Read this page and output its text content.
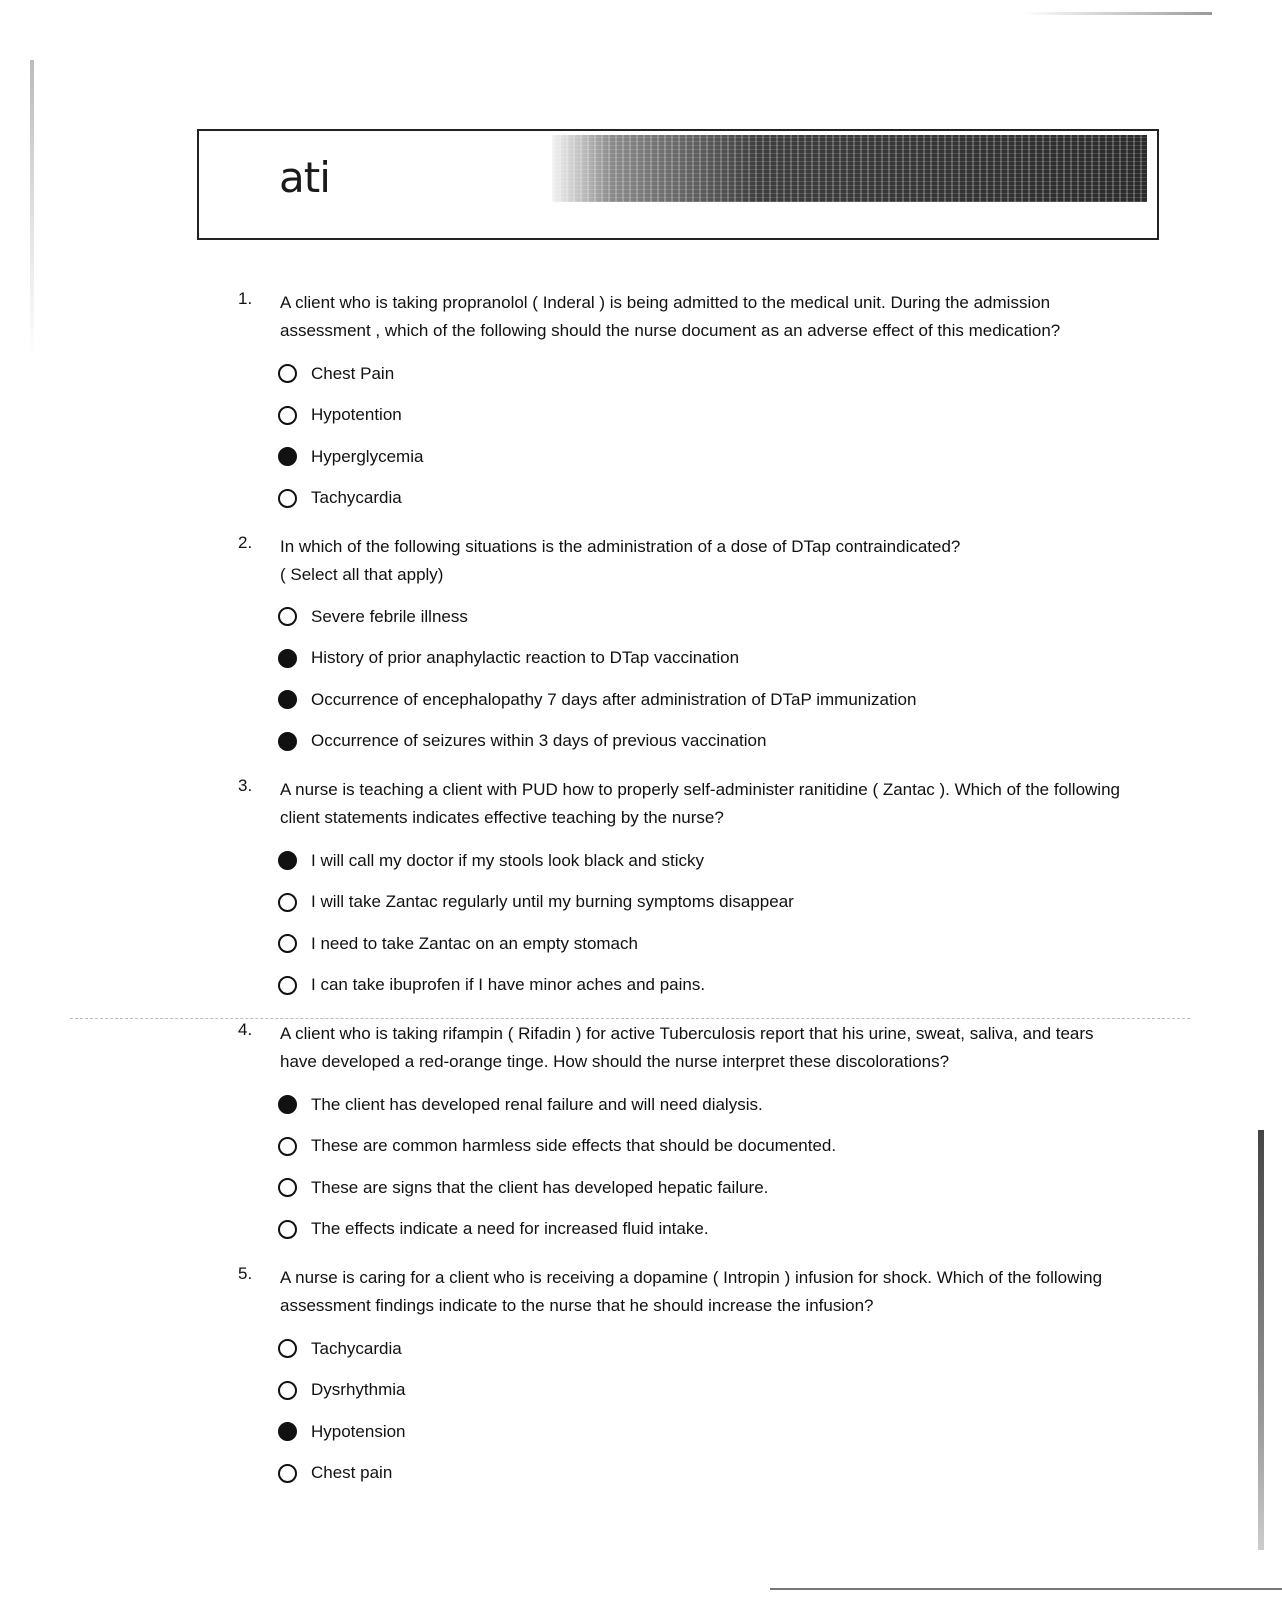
ati
1. A client who is taking propranolol ( Inderal ) is being admitted to the medical unit. During the admission assessment , which of the following should the nurse document as an adverse effect of this medication?
Chest Pain
Hypotention
Hyperglycemia
Tachycardia
2. In which of the following situations is the administration of a dose of DTap contraindicated?
( Select all that apply)
Severe febrile illness
History of prior anaphylactic reaction to DTap vaccination
Occurrence of encephalopathy 7 days after administration of DTaP immunization
Occurrence of seizures within 3 days of previous vaccination
3. A nurse is teaching a client with PUD how to properly self-administer ranitidine ( Zantac ). Which of the following client statements indicates effective teaching by the nurse?
I will call my doctor if my stools look black and sticky
I will take Zantac regularly until my burning symptoms disappear
I need to take Zantac on an empty stomach
I can take ibuprofen if I have minor aches and pains.
4. A client who is taking rifampin ( Rifadin ) for active Tuberculosis report that his urine, sweat, saliva, and tears have developed a red-orange tinge. How should the nurse interpret these discolorations?
The client has developed renal failure and will need dialysis.
These are common harmless side effects that should be documented.
These are signs that the client has developed hepatic failure.
The effects indicate a need for increased fluid intake.
5. A nurse is caring for a client who is receiving a dopamine ( Intropin ) infusion for shock. Which of the following assessment findings indicate to the nurse that he should increase the infusion?
Tachycardia
Dysrhythmia
Hypotension
Chest pain
